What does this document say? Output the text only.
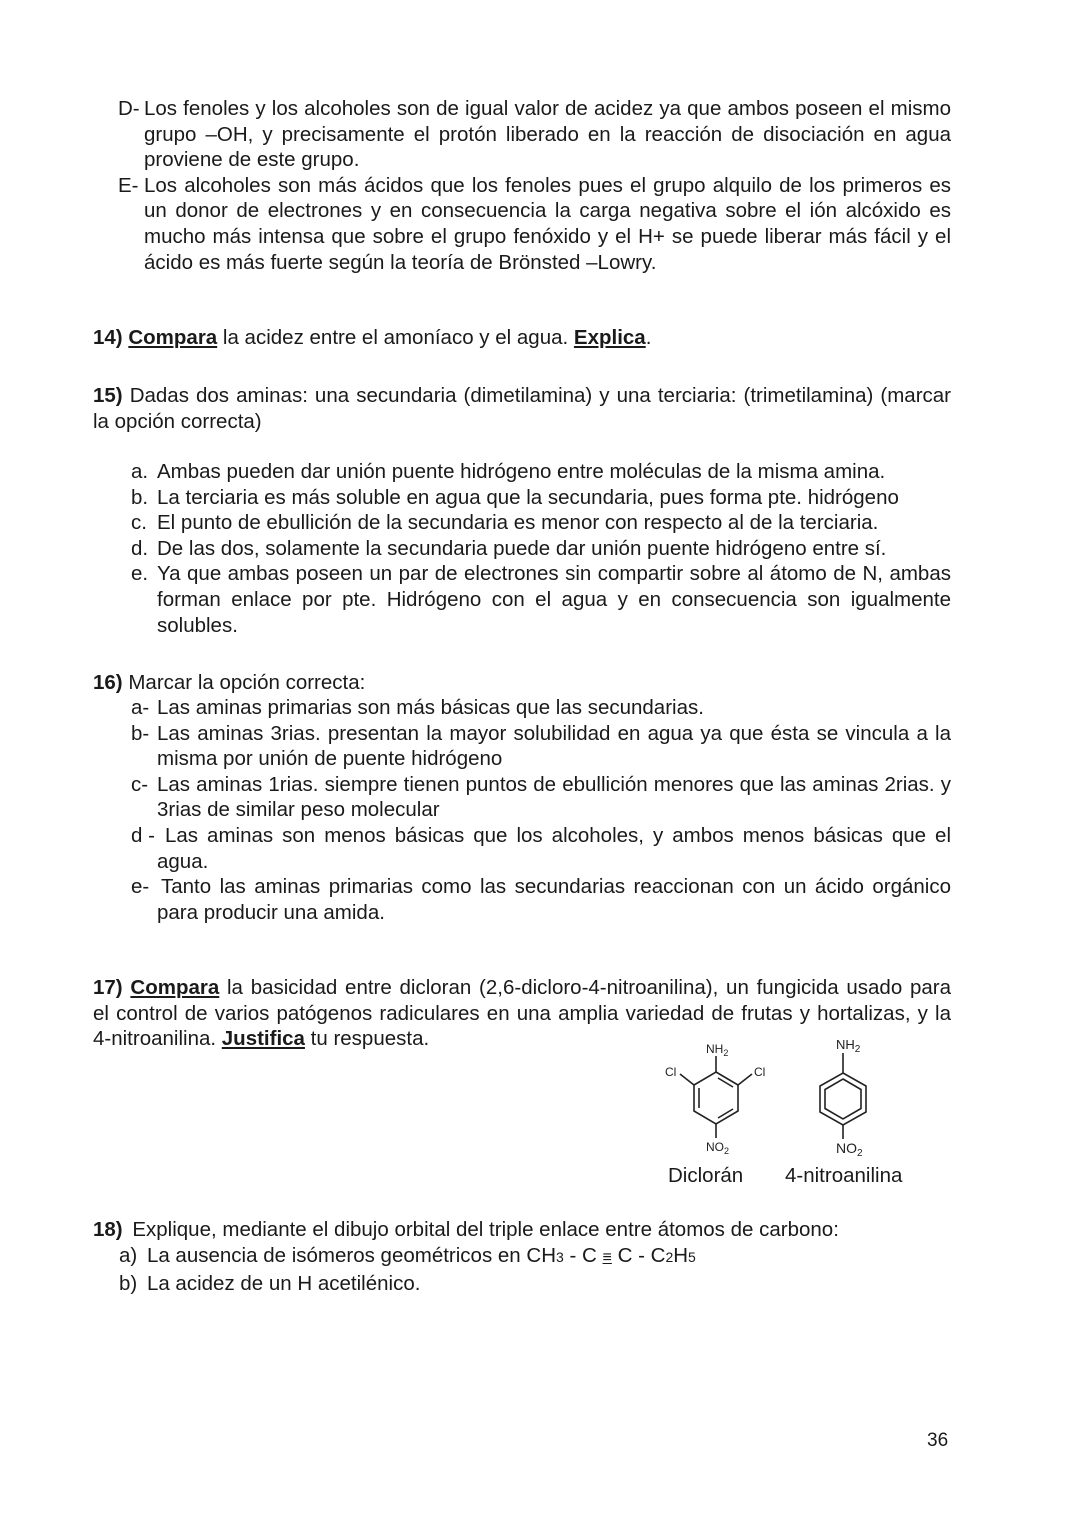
D- Los fenoles y los alcoholes son de igual valor de acidez ya que ambos poseen el mismo grupo –OH, y precisamente el protón liberado en la reacción de disociación en agua proviene de este grupo.
E- Los alcoholes son más ácidos que los fenoles pues el grupo alquilo de los primeros es un donor de electrones y en consecuencia la carga negativa sobre el ión alcóxido es mucho más intensa que sobre el grupo fenóxido y el H+ se puede liberar más fácil y el ácido es más fuerte según la teoría de Brönsted –Lowry.
14) Compara la acidez entre el amoníaco y el agua. Explica.
15) Dadas dos aminas: una secundaria (dimetilamina) y una terciaria: (trimetilamina) (marcar la opción correcta)
a. Ambas pueden dar unión puente hidrógeno entre moléculas de la misma amina.
b. La terciaria es más soluble en agua que la secundaria, pues forma pte. hidrógeno
c. El punto de ebullición de la secundaria es menor con respecto al de la terciaria.
d. De las dos, solamente la secundaria puede dar unión puente hidrógeno entre sí.
e. Ya que ambas poseen un par de electrones sin compartir sobre al átomo de N, ambas forman enlace por pte. Hidrógeno con el agua y en consecuencia son igualmente solubles.
16) Marcar la opción correcta:
a- Las aminas primarias son más básicas que las secundarias.
b- Las aminas 3rias. presentan la mayor solubilidad en agua ya que ésta se vincula a la misma por unión de puente hidrógeno
c- Las aminas 1rias. siempre tienen puntos de ebullición menores que las aminas 2rias. y 3rias de similar peso molecular
d - Las aminas son menos básicas que los alcoholes, y ambos menos básicas que el agua.
e- Tanto las aminas primarias como las secundarias reaccionan con un ácido orgánico para producir una amida.
17) Compara la basicidad entre dicloran (2,6-dicloro-4-nitroanilina), un fungicida usado para el control de varios patógenos radiculares en una amplia variedad de frutas y hortalizas, y la 4-nitroanilina. Justifica tu respuesta.	$NH_2$
$NO_2$
Cl	Cl
$NH_2$
$NO_2$
Diclorán 4-nitroanilina
18) Explique, mediante el dibujo orbital del triple enlace entre átomos de carbono:
a) La ausencia de isómeros geométricos en CH3 - C ≡ C - C2H5
b) La acidez de un H acetilénico.
36
